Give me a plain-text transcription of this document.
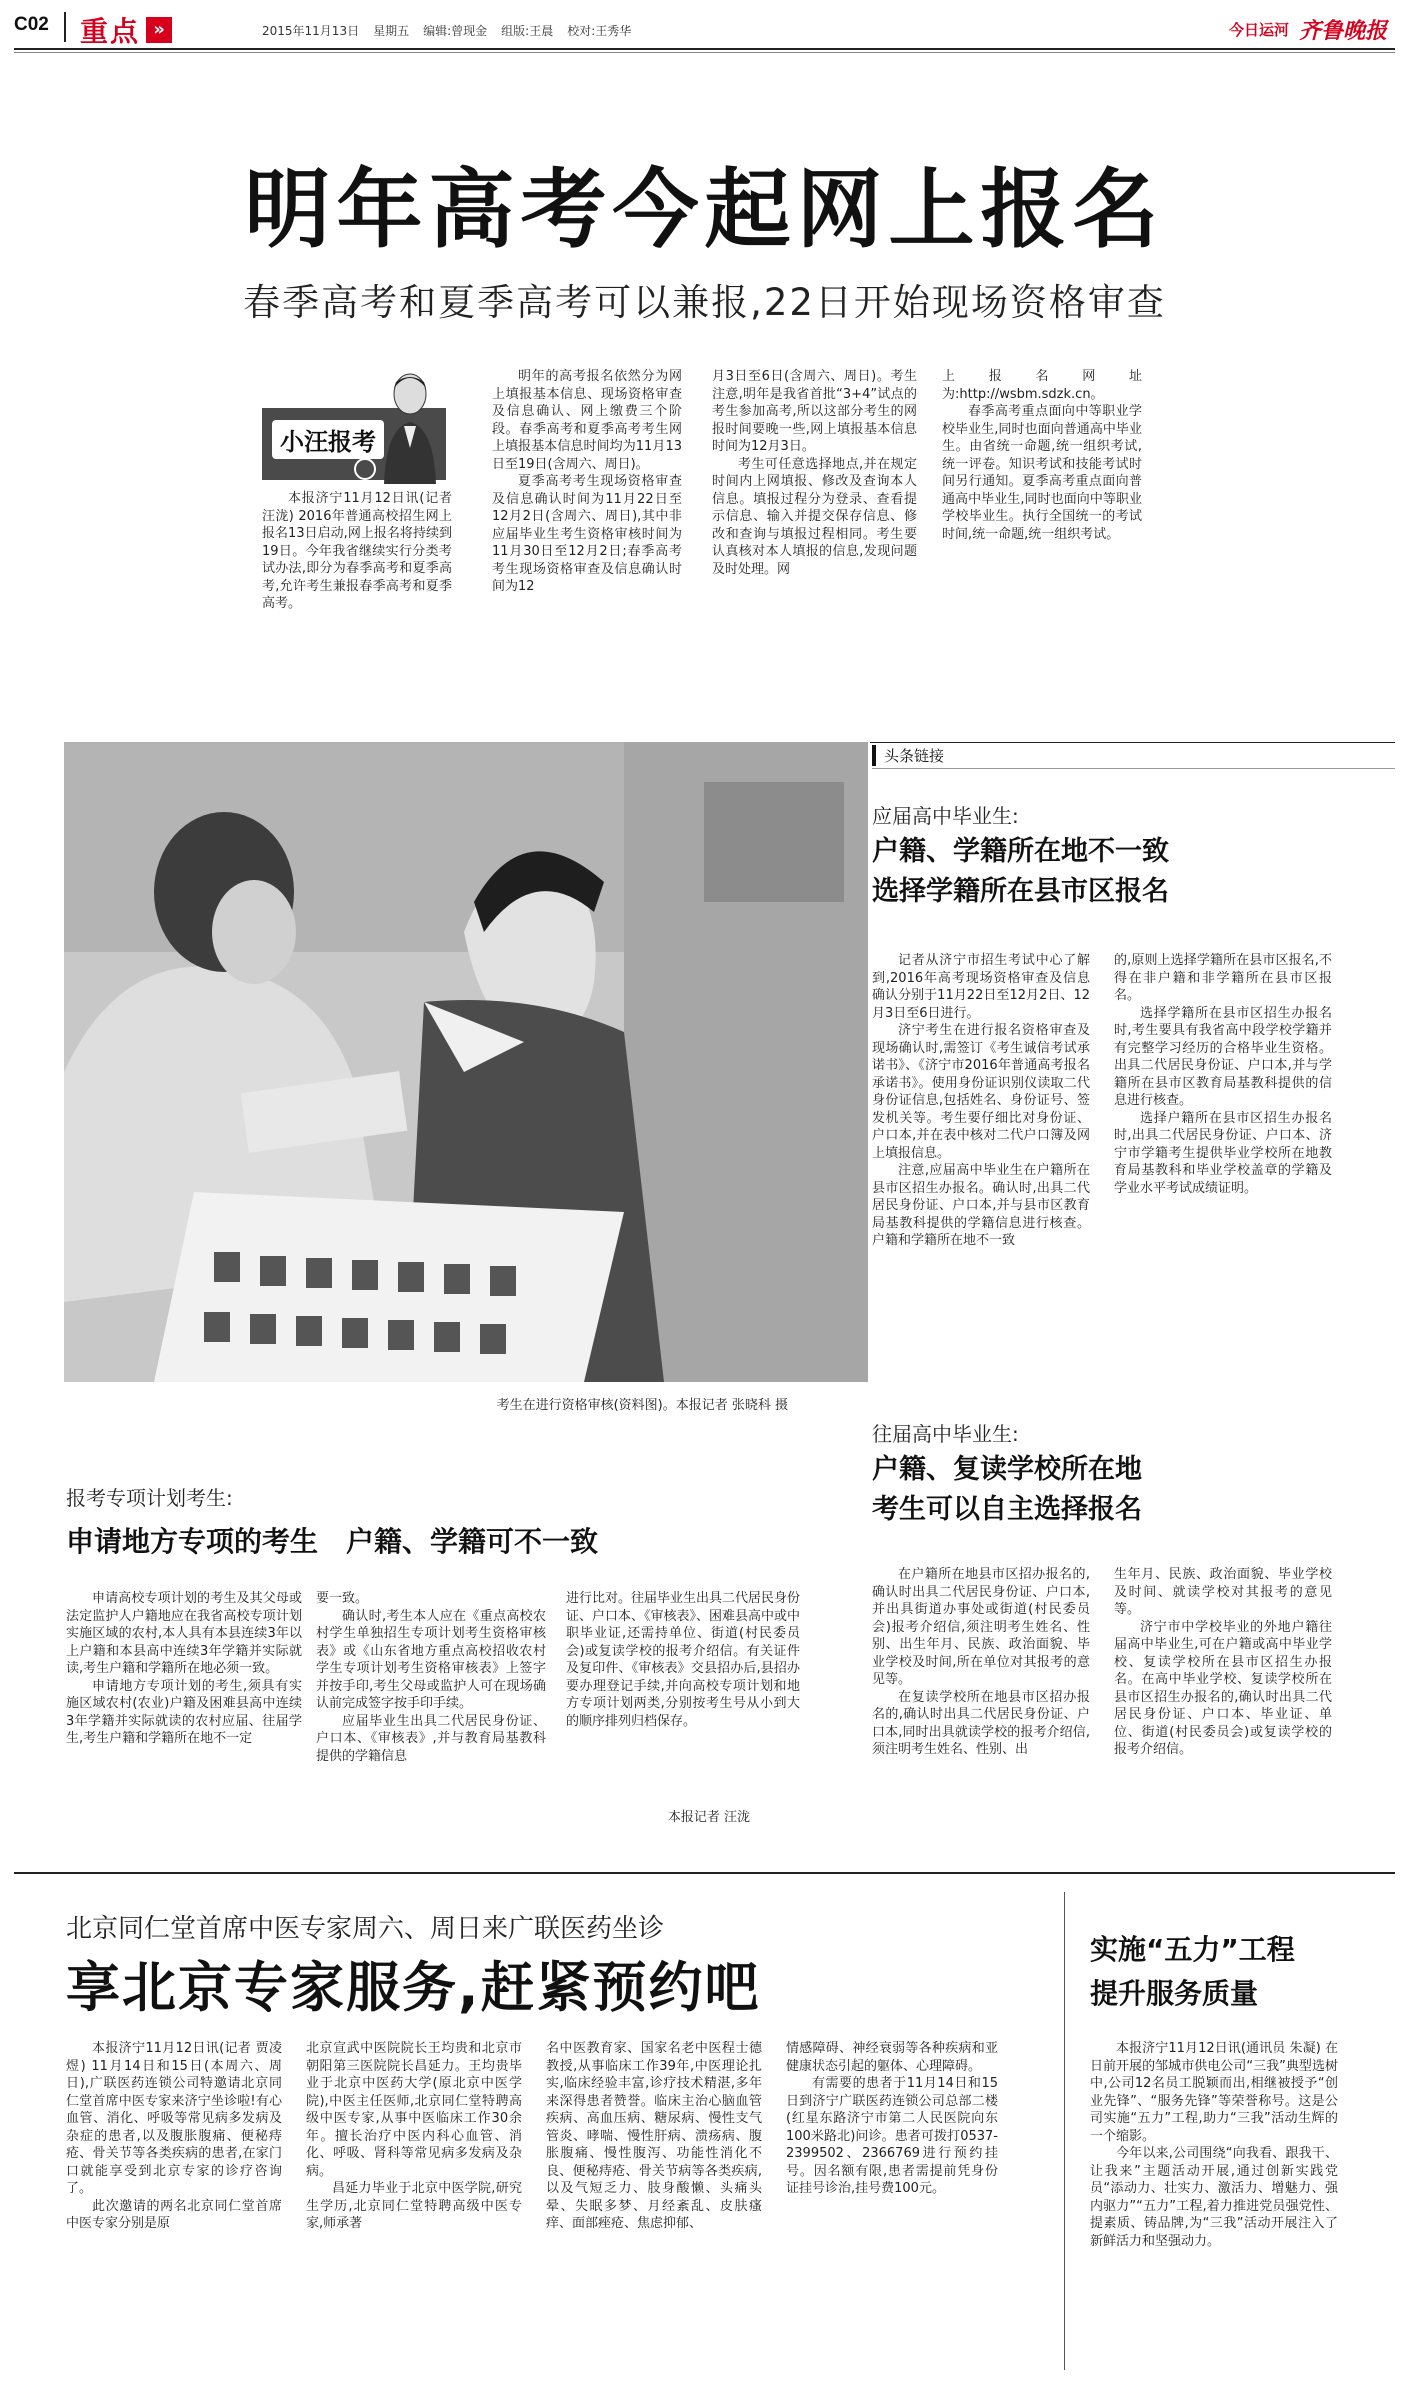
C02 重点 »	2015年11月13日 星期五 编辑:曾现金 组版:王晨 校对:王秀华	今日运河 齐鲁晚报
明年高考今起网上报名
春季高考和夏季高考可以兼报,22日开始现场资格审查
小汪报考

本报济宁11月12日讯(记者 汪泷) 2016年普通高校招生网上报名13日启动,网上报名将持续到19日。今年我省继续实行分类考试办法,即分为春季高考和夏季高考,允许考生兼报春季高考和夏季高考。

明年的高考报名依然分为网上填报基本信息、现场资格审查及信息确认、网上缴费三个阶段。春季高考和夏季高考考生网上填报基本信息时间均为11月13日至19日(含周六、周日)。

夏季高考考生现场资格审查及信息确认时间为11月22日至12月2日(含周六、周日),其中非应届毕业生考生资格审核时间为11月30日至12月2日;春季高考考生现场资格审查及信息确认时间为12

月3日至6日(含周六、周日)。考生注意,明年是我省首批“3+4”试点的考生参加高考,所以这部分考生的网报时间要晚一些,网上填报基本信息时间为12月3日。

考生可任意选择地点,并在规定时间内上网填报、修改及查询本人信息。填报过程分为登录、查看提示信息、输入并提交保存信息、修改和查询与填报过程相同。考生要认真核对本人填报的信息,发现问题及时处理。网

上报名网址为:http://wsbm.sdzk.cn。

春季高考重点面向中等职业学校毕业生,同时也面向普通高中毕业生。由省统一命题,统一组织考试,统一评卷。知识考试和技能考试时间另行通知。夏季高考重点面向普通高中毕业生,同时也面向中等职业学校毕业生。执行全国统一的考试时间,统一命题,统一组织考试。

考生在进行资格审核(资料图)。本报记者 张晓科 摄
头条链接
应届高中毕业生:
户籍、学籍所在地不一致
选择学籍所在县市区报名

记者从济宁市招生考试中心了解到,2016年高考现场资格审查及信息确认分别于11月22日至12月2日、12月3日至6日进行。

济宁考生在进行报名资格审查及现场确认时,需签订《考生诚信考试承诺书》、《济宁市2016年普通高考报名承诺书》。使用身份证识别仪读取二代身份证信息,包括姓名、身份证号、签发机关等。考生要仔细比对身份证、户口本,并在表中核对二代户口簿及网上填报信息。

注意,应届高中毕业生在户籍所在县市区招生办报名。确认时,出具二代居民身份证、户口本,并与县市区教育局基教科提供的学籍信息进行核查。户籍和学籍所在地不一致

的,原则上选择学籍所在县市区报名,不得在非户籍和非学籍所在县市区报名。

选择学籍所在县市区招生办报名时,考生要具有我省高中段学校学籍并有完整学习经历的合格毕业生资格。出具二代居民身份证、户口本,并与学籍所在县市区教育局基教科提供的信息进行核查。

选择户籍所在县市区招生办报名时,出具二代居民身份证、户口本、济宁市学籍考生提供毕业学校所在地教育局基教科和毕业学校盖章的学籍及学业水平考试成绩证明。

往届高中毕业生:
户籍、复读学校所在地
考生可以自主选择报名

在户籍所在地县市区招办报名的,确认时出具二代居民身份证、户口本,并出具街道办事处或街道(村民委员会)报考介绍信,须注明考生姓名、性别、出生年月、民族、政治面貌、毕业学校及时间,所在单位对其报考的意见等。

在复读学校所在地县市区招办报名的,确认时出具二代居民身份证、户口本,同时出具就读学校的报考介绍信,须注明考生姓名、性别、出

生年月、民族、政治面貌、毕业学校及时间、就读学校对其报考的意见等。

济宁市中学校毕业的外地户籍往届高中毕业生,可在户籍或高中毕业学校、复读学校所在县市区招生办报名。在高中毕业学校、复读学校所在县市区招生办报名的,确认时出具二代居民身份证、户口本、毕业证、单位、街道(村民委员会)或复读学校的报考介绍信。

报考专项计划考生:
申请地方专项的考生　户籍、学籍可不一致

申请高校专项计划的考生及其父母或法定监护人户籍地应在我省高校专项计划实施区域的农村,本人具有本县连续3年以上户籍和本县高中连续3年学籍并实际就读,考生户籍和学籍所在地必须一致。

申请地方专项计划的考生,须具有实施区域农村(农业)户籍及困难县高中连续3年学籍并实际就读的农村应届、往届学生,考生户籍和学籍所在地不一定

要一致。

确认时,考生本人应在《重点高校农村学生单独招生专项计划考生资格审核表》或《山东省地方重点高校招收农村学生专项计划考生资格审核表》上签字并按手印,考生父母或监护人可在现场确认前完成签字按手印手续。

应届毕业生出具二代居民身份证、户口本、《审核表》,并与教育局基教科提供的学籍信息

进行比对。往届毕业生出具二代居民身份证、户口本、《审核表》、困难县高中或中职毕业证,还需持单位、街道(村民委员会)或复读学校的报考介绍信。有关证件及复印件、《审核表》交县招办后,县招办要办理登记手续,并向高校专项计划和地方专项计划两类,分别按考生号从小到大的顺序排列归档保存。

本报记者 汪泷
北京同仁堂首席中医专家周六、周日来广联医药坐诊
享北京专家服务,赶紧预约吧

本报济宁11月12日讯(记者 贾凌煜) 11月14日和15日(本周六、周日),广联医药连锁公司特邀请北京同仁堂首席中医专家来济宁坐诊啦!有心血管、消化、呼吸等常见病多发病及杂症的患者,以及腹胀腹痛、便秘痔疮、骨关节等各类疾病的患者,在家门口就能享受到北京专家的诊疗咨询了。

此次邀请的两名北京同仁堂首席中医专家分别是原

北京宣武中医院院长王均贵和北京市朝阳第三医院院长昌延力。王均贵毕业于北京中医药大学(原北京中医学院),中医主任医师,北京同仁堂特聘高级中医专家,从事中医临床工作30余年。擅长治疗中医内科心血管、消化、呼吸、肾科等常见病多发病及杂病。

昌延力毕业于北京中医学院,研究生学历,北京同仁堂特聘高级中医专家,师承著

名中医教育家、国家名老中医程士德教授,从事临床工作39年,中医理论扎实,临床经验丰富,诊疗技术精湛,多年来深得患者赞誉。临床主治心脑血管疾病、高血压病、糖尿病、慢性支气管炎、哮喘、慢性肝病、溃疡病、腹胀腹痛、慢性腹泻、功能性消化不良、便秘痔疮、骨关节病等各类疾病,以及气短乏力、肢身酸懒、头痛头晕、失眠多梦、月经紊乱、皮肤瘙痒、面部痤疮、焦虑抑郁、

情感障碍、神经衰弱等各种疾病和亚健康状态引起的躯体、心理障碍。

有需要的患者于11月14日和15日到济宁广联医药连锁公司总部二楼(红星东路济宁市第二人民医院向东100米路北)问诊。患者可拨打0537-2399502、2366769进行预约挂号。因名额有限,患者需提前凭身份证挂号诊治,挂号费100元。

实施“五力”工程
提升服务质量

本报济宁11月12日讯(通讯员 朱凝) 在日前开展的邹城市供电公司“三我”典型选树中,公司12名员工脱颖而出,相继被授予“创业先锋”、“服务先锋”等荣誉称号。这是公司实施“五力”工程,助力“三我”活动生辉的一个缩影。

今年以来,公司围绕“向我看、跟我干、让我来”主题活动开展,通过创新实践党员“添动力、壮实力、激活力、增魅力、强内驱力”“五力”工程,着力推进党员强党性、提素质、铸品牌,为“三我”活动开展注入了新鲜活力和坚强动力。
